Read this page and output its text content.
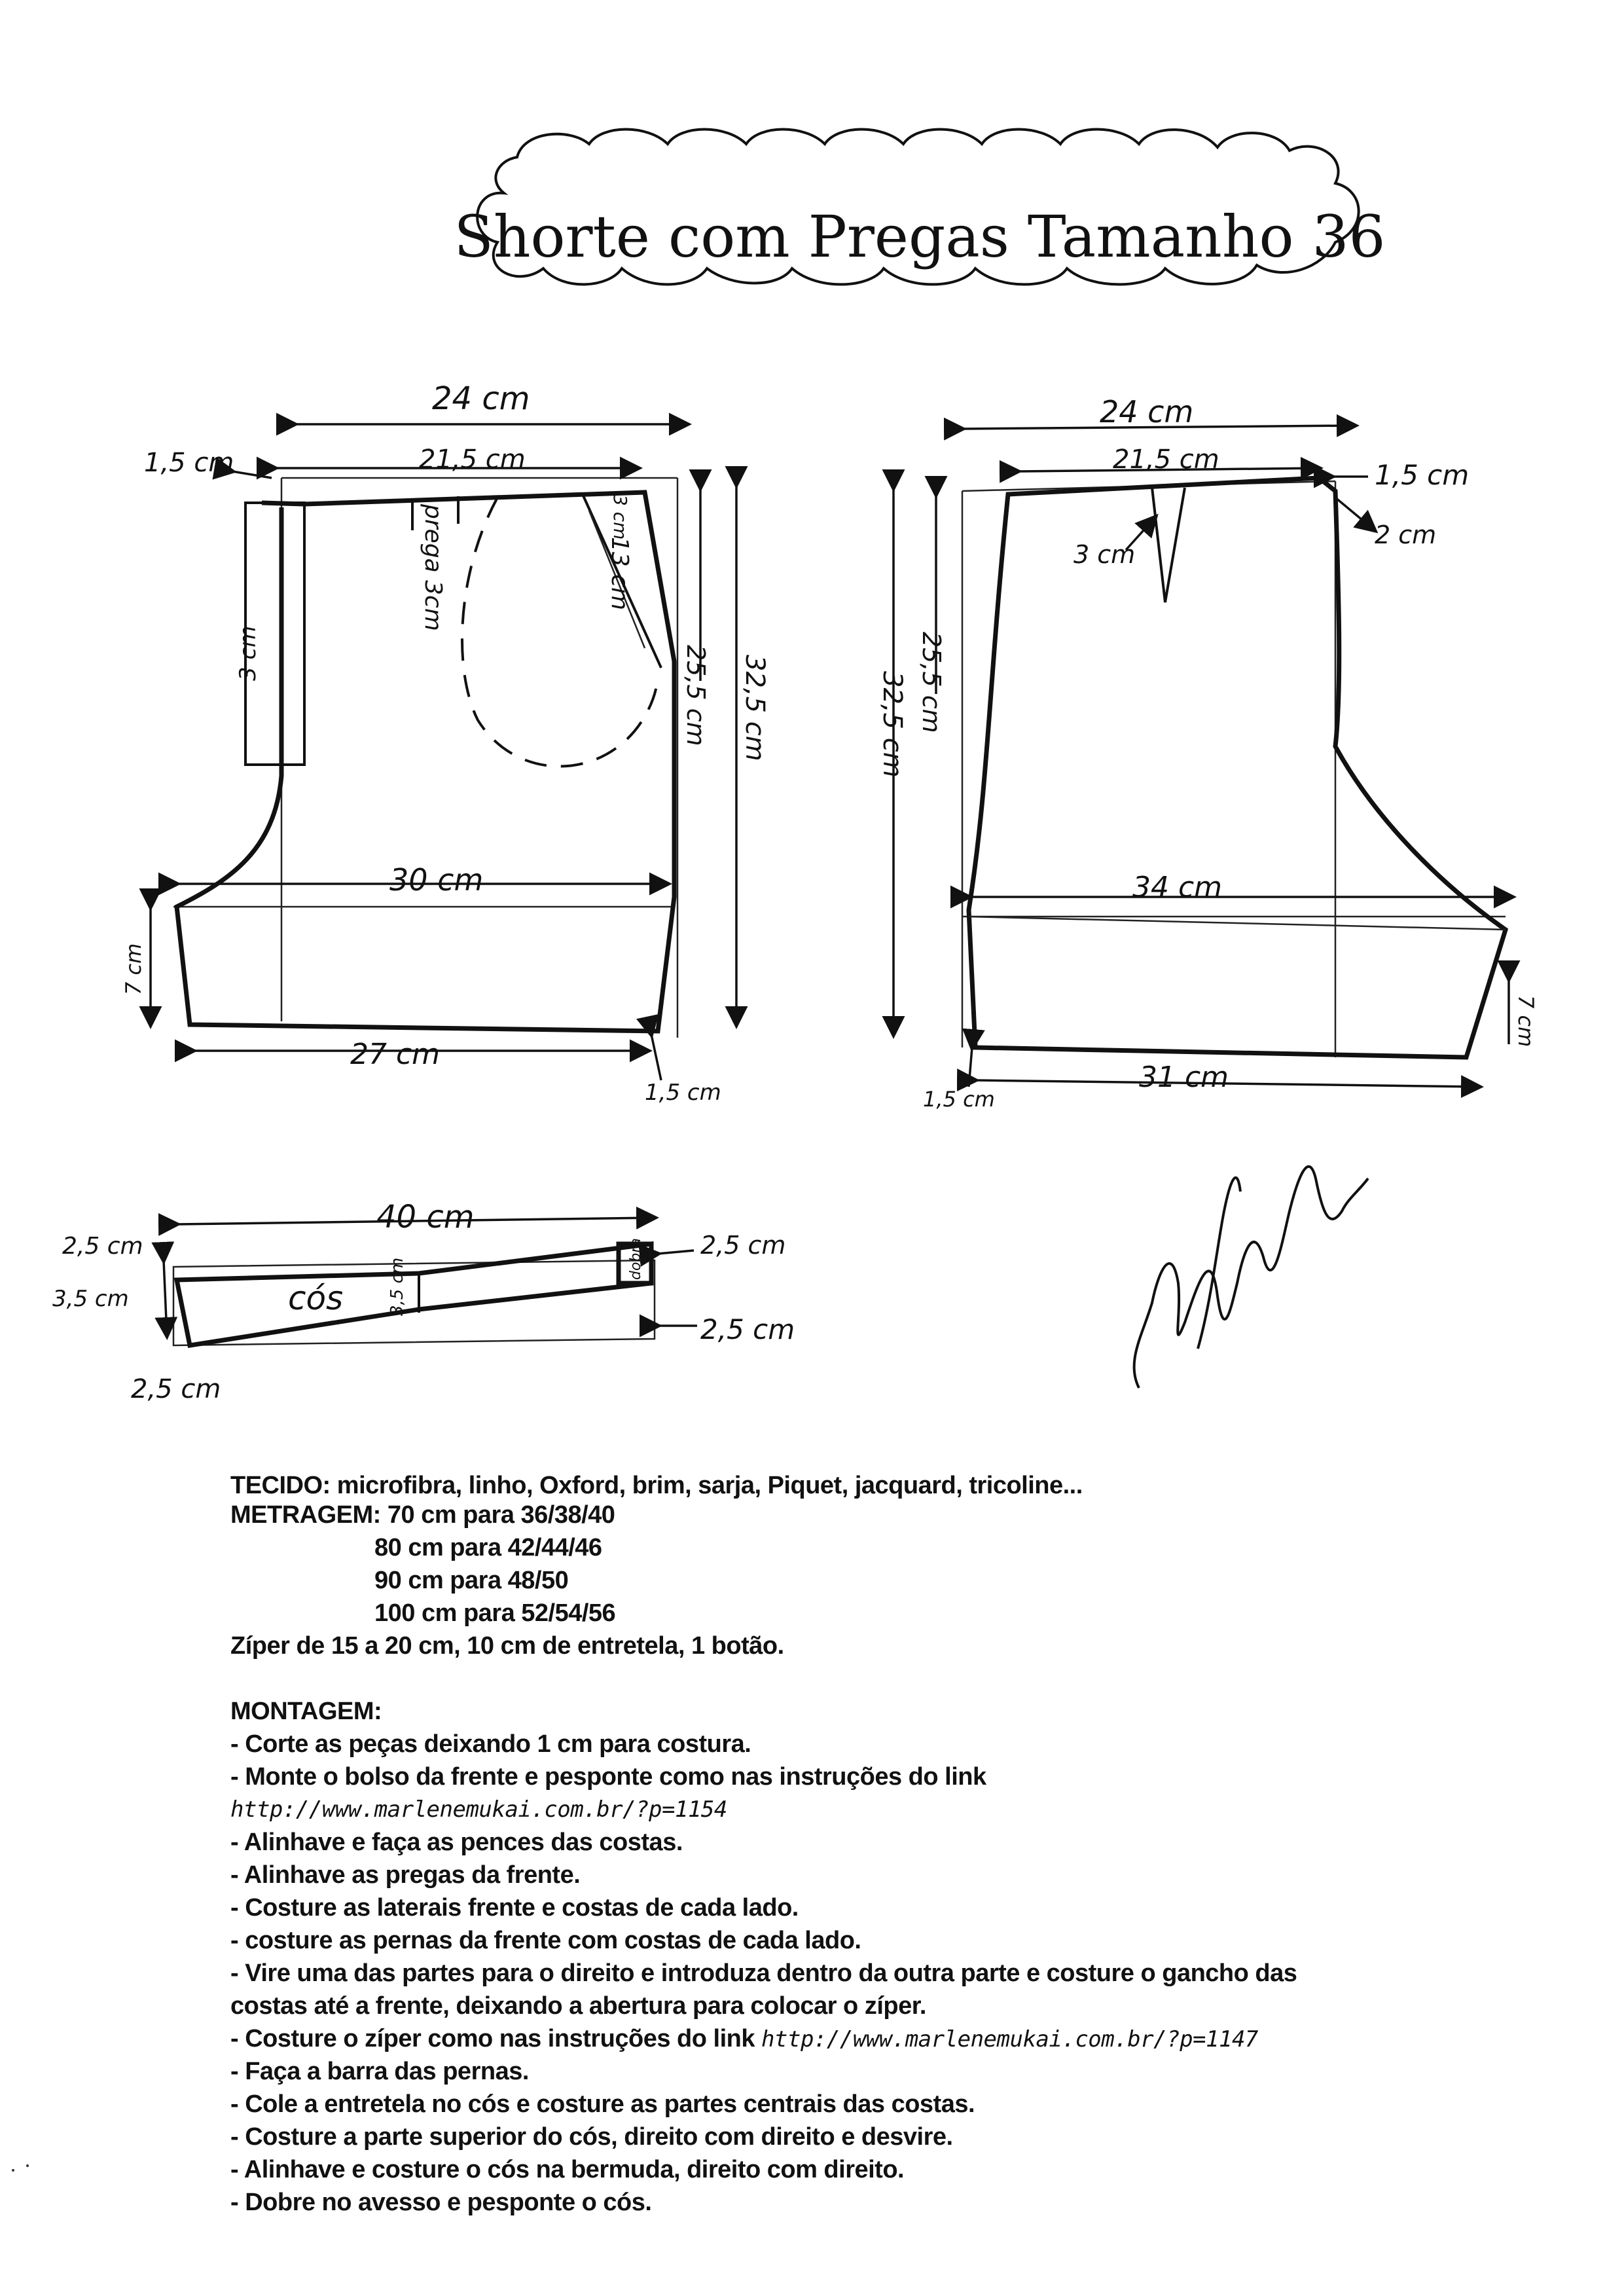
Shorte com Pregas Tamanho 36
24 cm
21,5 cm
1,5 cm
prega 3cm	13 cm
3 cm
25,5 cm 32,5 cm
3 cm
30 cm
7 cm
27 cm
1,5 cm
24 cm
21,5 cm	1,5 cm
2 cm
3 cm
25,5 cm
32,5 cm
34 cm
7 cm
31 cm
1,5 cm
40 cm
cós
2,5 cm
3,5 cm
2,5 cm
2,5 cm
2,5 cm
3,5 cm	dobra
Marlene Mukai
TECIDO: microfibra, linho, Oxford, brim, sarja, Piquet, jacquard, tricoline...
METRAGEM: 70 cm para 36/38/40
80 cm para 42/44/46
90 cm para 48/50
100 cm para 52/54/56
Zíper de 15 a 20 cm, 10 cm de entretela, 1 botão.
MONTAGEM:
- Corte as peças deixando 1 cm para costura.
- Monte o bolso da frente e pesponte como nas instruções do link
http://www.marlenemukai.com.br/?p=1154
- Alinhave e faça as pences das costas.
- Alinhave as pregas da frente.
- Costure as laterais frente e costas de cada lado.
- costure as pernas da frente com costas de cada lado.
- Vire uma das partes para o direito e introduza dentro da outra parte e costure o gancho das
costas até a frente, deixando a abertura para colocar o zíper.
- Costure o zíper como nas instruções do link http://www.marlenemukai.com.br/?p=1147
- Faça a barra das pernas.
- Cole a entretela no cós e costure as partes centrais das costas.
- Costure a parte superior do cós, direito com direito e desvire.
- Alinhave e costure o cós na bermuda, direito com direito.
- Dobre no avesso e pesponte o cós.
